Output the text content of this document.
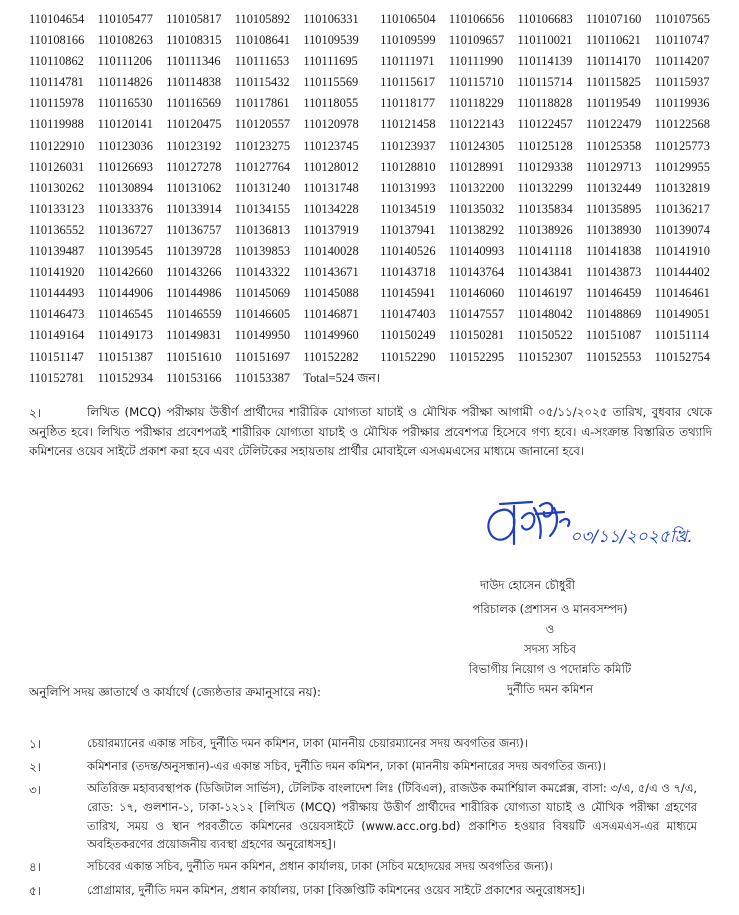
110104654	110105477	110105817	110105892	110106331	110106504	110106656	110106683	110107160	110107565
110108166	110108263	110108315	110108641	110109539	110109599	110109657	110110021	110110621	110110747
110110862	110111206	110111346	110111653	110111695	110111971	110111990	110114139	110114170	110114207
110114781	110114826	110114838	110115432	110115569	110115617	110115710	110115714	110115825	110115937
110115978	110116530	110116569	110117861	110118055	110118177	110118229	110118828	110119549	110119936
110119988	110120141	110120475	110120557	110120978	110121458	110122143	110122457	110122479	110122568
110122910	110123036	110123192	110123275	110123745	110123937	110124305	110125128	110125358	110125773
110126031	110126693	110127278	110127764	110128012	110128810	110128991	110129338	110129713	110129955
110130262	110130894	110131062	110131240	110131748	110131993	110132200	110132299	110132449	110132819
110133123	110133376	110133914	110134155	110134228	110134519	110135032	110135834	110135895	110136217
110136552	110136727	110136757	110136813	110137919	110137941	110138292	110138926	110138930	110139074
110139487	110139545	110139728	110139853	110140028	110140526	110140993	110141118	110141838	110141910
110141920	110142660	110143266	110143322	110143671	110143718	110143764	110143841	110143873	110144402
110144493	110144906	110144986	110145069	110145088	110145941	110146060	110146197	110146459	110146461
110146473	110146545	110146559	110146605	110146871	110147403	110147557	110148042	110148869	110149051
110149164	110149173	110149831	110149950	110149960	110150249	110150281	110150522	110151087	110151114
110151147	110151387	110151610	110151697	110152282	110152290	110152295	110152307	110152553	110152754
110152781	110152934	110153166	110153387	Total=524 জন।					
২।	লিখিত (MCQ) পরীক্ষায় উত্তীর্ণ প্রার্থীদের শারীরিক যোগ্যতা যাচাই ও মৌখিক পরীক্ষা আগামী ০৫/১১/২০২৫ তারিখ, বুধবার থেকে অনুষ্ঠিত হবে। লিখিত পরীক্ষার প্রবেশপত্রই শারীরিক যোগ্যতা যাচাই ও মৌখিক পরীক্ষার প্রবেশপত্র হিসেবে গণ্য হবে। এ-সংক্রান্ত বিস্তারিত তথ্যাদি কমিশনের ওয়েব সাইটে প্রকাশ করা হবে এবং টেলিটকের সহায়তায় প্রার্থীর মোবাইলে এসএমএসের মাধ্যমে জানানো হবে।
০৩/১১/২০২৫খ্রি.
দাউদ হোসেন চৌধুরী
পরিচালক (প্রশাসন ও মানবসম্পদ)
ও
সদস্য সচিব
বিভাগীয় নিয়োগ ও পদোন্নতি কমিটি
দুর্নীতি দমন কমিশন
অনুলিপি সদয় জ্ঞাতার্থে ও কার্যার্থে (জ্যেষ্ঠতার ক্রমানুসারে নয়):
১।	চেয়ারম্যানের একান্ত সচিব, দুর্নীতি দমন কমিশন, ঢাকা (মাননীয় চেয়ারম্যানের সদয় অবগতির জন্য)।
২।	কমিশনার (তদন্ত/অনুসন্ধান)-এর একান্ত সচিব, দুর্নীতি দমন কমিশন, ঢাকা (মাননীয় কমিশনারের সদয় অবগতির জন্য)।
৩।	অতিরিক্ত মহাব্যবস্থাপক (ডিজিটাল সার্ভিস), টেলিটক বাংলাদেশ লিঃ (টিবিএল), রাজউক কমার্শিয়াল কমপ্লেক্স, বাসা: ৩/এ, ৫/এ ও ৭/এ, রোড: ১৭, গুলশান-১, ঢাকা-১২১২ [লিখিত (MCQ) পরীক্ষায় উত্তীর্ণ প্রার্থীদের শারীরিক যোগ্যতা যাচাই ও মৌখিক পরীক্ষা গ্রহণের তারিখ, সময় ও স্থান পরবর্তীতে কমিশনের ওয়েবসাইটে (www.acc.org.bd) প্রকাশিত হওয়ার বিষয়টি এসএমএস-এর মাধ্যমে অবহিতকরণের প্রয়োজনীয় ব্যবস্থা গ্রহণের অনুরোধসহ]।
৪।	সচিবের একান্ত সচিব, দুর্নীতি দমন কমিশন, প্রধান কার্যালয়, ঢাকা (সচিব মহোদয়ের সদয় অবগতির জন্য)।
৫।	প্রোগ্রামার, দুর্নীতি দমন কমিশন, প্রধান কার্যালয়, ঢাকা [বিজ্ঞপ্তিটি কমিশনের ওয়েব সাইটে প্রকাশের অনুরোধসহ]।
